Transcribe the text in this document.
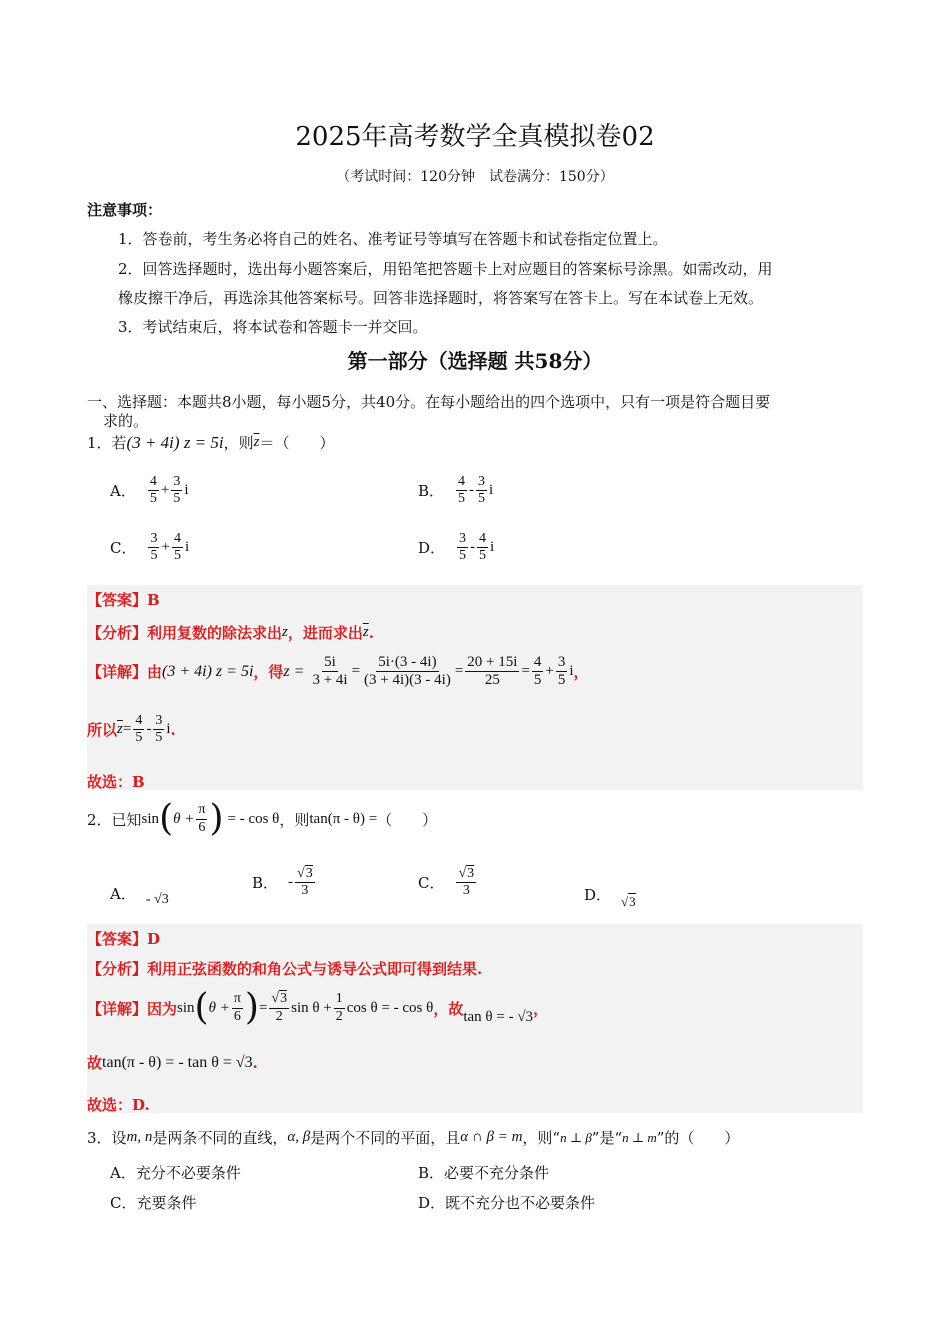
2025年高考数学全真模拟卷02
（考试时间：120分钟　试卷满分：150分）
注意事项：
1．答卷前，考生务必将自己的姓名、准考证号等填写在答题卡和试卷指定位置上。
2．回答选择题时，选出每小题答案后，用铅笔把答题卡上对应题目的答案标号涂黑。如需改动，用
橡皮擦干净后，再选涂其他答案标号。回答非选择题时，将答案写在答卡上。写在本试卷上无效。
3．考试结束后，将本试卷和答题卡一并交回。
第一部分（选择题 共58分）
一、选择题：本题共8小题，每小题5分，共40分。在每小题给出的四个选项中，只有一项是符合题目要
求的。
1．若 (3 + 4i) z = 5i ，则 $\overline{z}$ ＝（　　）
A． $\frac{4}{5} + \frac{3}{5}$ i	B． $\frac{4}{5} - \frac{3}{5}$ i
C． $\frac{3}{5} + \frac{4}{5}$ i	D． $\frac{3}{5} - \frac{4}{5}$ i
【答案】B
【分析】利用复数的除法求出 z ，进而求出 $\overline{z}$ .
【详解】由 (3 + 4i) z = 5i ，得 $z = \frac{5i}{3 + 4i} = \frac{5i\cdot(3 - 4i)}{(3 + 4i)(3 - 4i)} = \frac{20 + 15i}{25} = \frac{4}{5} + \frac{3}{5}$ i ，
所以 $\overline{z} = \frac{4}{5} - \frac{3}{5}$ i .
故选：B
2．已知 sin ( $\theta + \frac{\pi}{6}$ ) = - cos θ ，则 tan(π - θ) = （　　）
A． - √3
B． - $\frac{√3}{3}$	C． $\frac{√3}{3}$	D． √3
【答案】D
【分析】利用正弦函数的和角公式与诱导公式即可得到结果.
【详解】因为 sin ( $\theta + \frac{\pi}{6}$ ) = $\frac{√3}{2}$ $\sin \theta + \frac{1}{2}$ cos θ = - cos θ ，故 tan θ = - √3 ，
故 tan(π - θ) = - tan θ = √3 .
故选：D.
3．设 m, n 是两条不同的直线， α, β 是两个不同的平面，且 α ∩ β = m ，则“ n ⊥ β ”是“ n ⊥ m ”的（　　）
A．充分不必要条件	B．必要不充分条件
C．充要条件	D．既不充分也不必要条件
